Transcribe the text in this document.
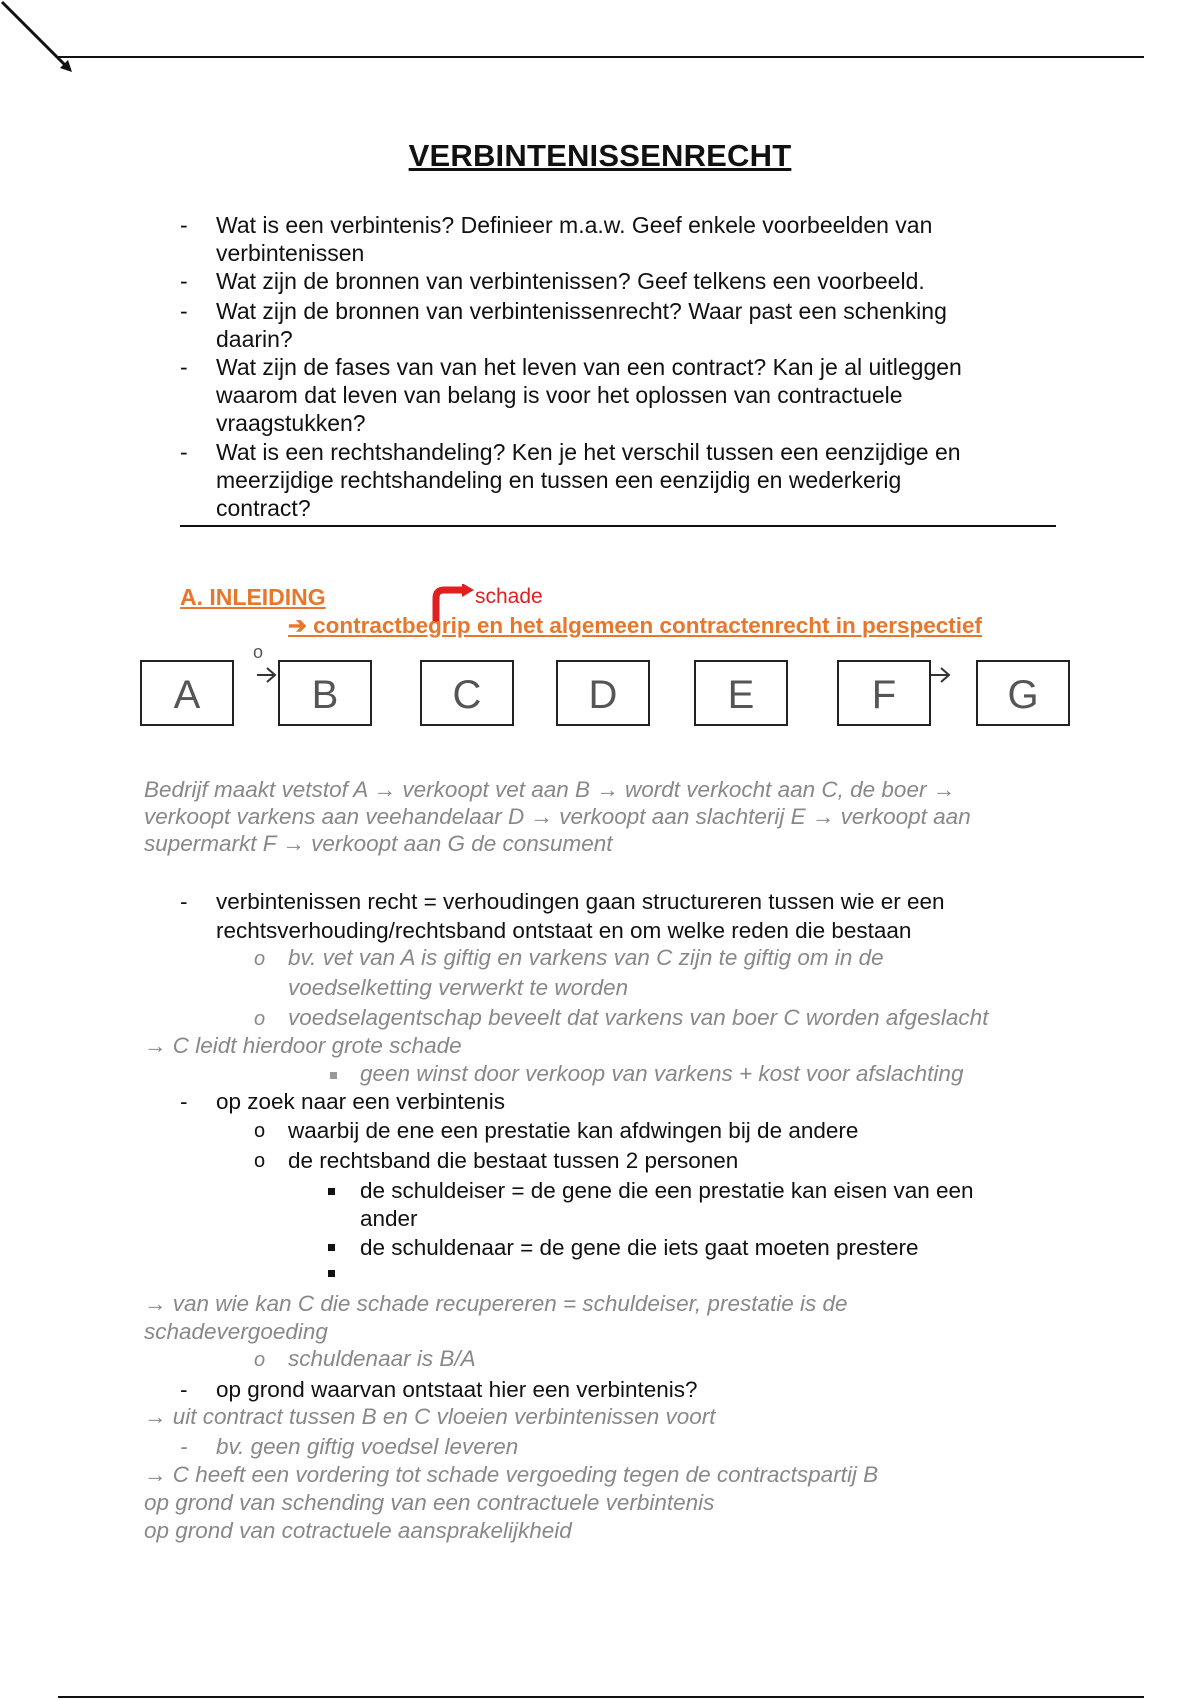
VERBINTENISSENRECHT
- Wat is een verbintenis? Definieer m.a.w. Geef enkele voorbeelden van
verbintenissen
- Wat zijn de bronnen van verbintenissen? Geef telkens een voorbeeld.
- Wat zijn de bronnen van verbintenissenrecht? Waar past een schenking
daarin?
- Wat zijn de fases van van het leven van een contract? Kan je al uitleggen
waarom dat leven van belang is voor het oplossen van contractuele
vraagstukken?
- Wat is een rechtshandeling? Ken je het verschil tussen een eenzijdige en
meerzijdige rechtshandeling en tussen een eenzijdig en wederkerig
contract?
A. INLEIDING	schade
➔ contractbegrip en het algemeen contractenrecht in perspectief
A
o
B	C	D	E	F	G
Bedrijf maakt vetstof A → verkoopt vet aan B → wordt verkocht aan C, de boer →
verkoopt varkens aan veehandelaar D → verkoopt aan slachterij E → verkoopt aan
supermarkt F → verkoopt aan G de consument
- verbintenissen recht = verhoudingen gaan structureren tussen wie er een
rechtsverhouding/rechtsband ontstaat en om welke reden die bestaan
o bv. vet van A is giftig en varkens van C zijn te giftig om in de
voedselketting verwerkt te worden
o voedselagentschap beveelt dat varkens van boer C worden afgeslacht
→ C leidt hierdoor grote schade
geen winst door verkoop van varkens + kost voor afslachting
- op zoek naar een verbintenis
o waarbij de ene een prestatie kan afdwingen bij de andere
o de rechtsband die bestaat tussen 2 personen
de schuldeiser = de gene die een prestatie kan eisen van een
ander
de schuldenaar = de gene die iets gaat moeten prestere
→ van wie kan C die schade recupereren = schuldeiser, prestatie is de
schadevergoeding
o schuldenaar is B/A
- op grond waarvan ontstaat hier een verbintenis?
→ uit contract tussen B en C vloeien verbintenissen voort
- bv. geen giftig voedsel leveren
→ C heeft een vordering tot schade vergoeding tegen de contractspartij B
op grond van schending van een contractuele verbintenis
op grond van cotractuele aansprakelijkheid
